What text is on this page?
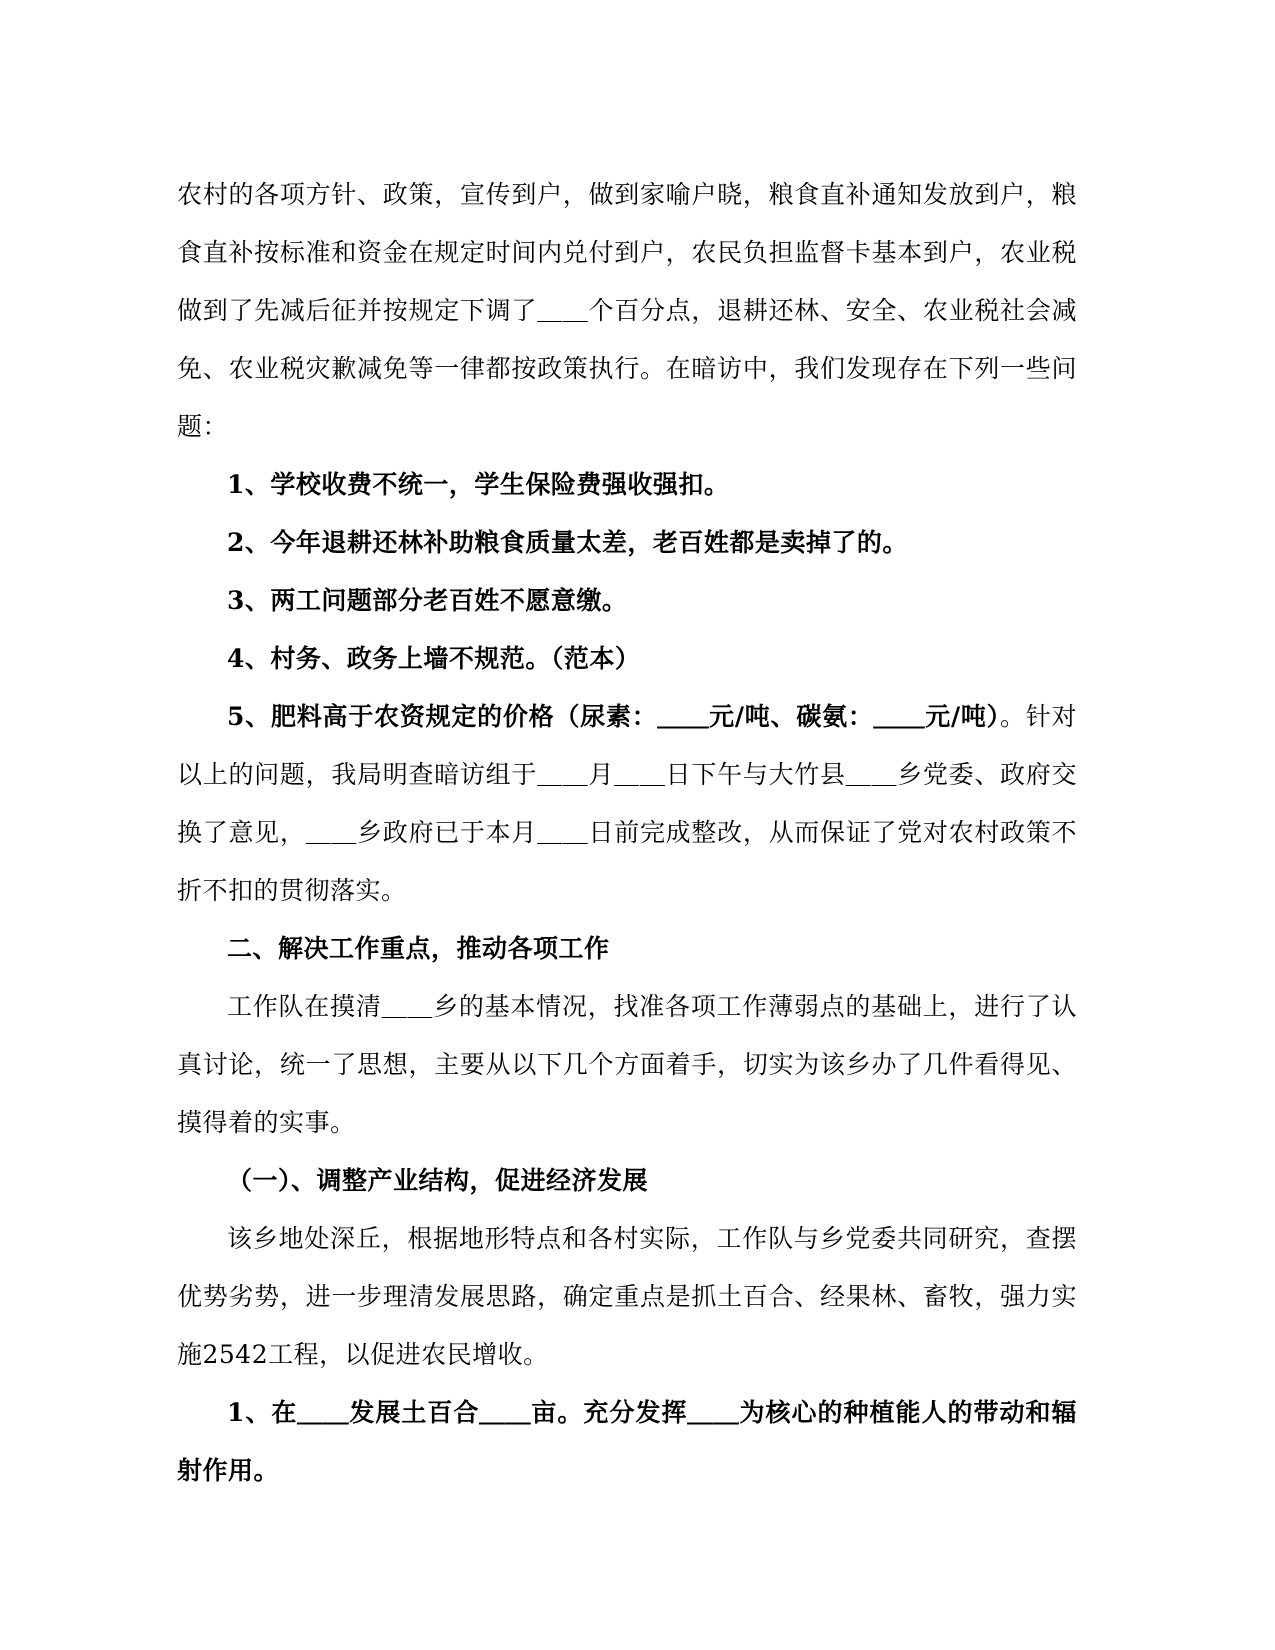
农村的各项方针、政策，宣传到户，做到家喻户晓，粮食直补通知发放到户，粮食直补按标准和资金在规定时间内兑付到户，农民负担监督卡基本到户，农业税做到了先减后征并按规定下调了＿＿个百分点，退耕还林、安全、农业税社会减免、农业税灾歉减免等一律都按政策执行。在暗访中，我们发现存在下列一些问题：

1、学校收费不统一，学生保险费强收强扣。

2、今年退耕还林补助粮食质量太差，老百姓都是卖掉了的。

3、两工问题部分老百姓不愿意缴。

4、村务、政务上墙不规范。（范本）

5、肥料高于农资规定的价格（尿素：＿＿元/吨、碳氨：＿＿元/吨）。针对以上的问题，我局明查暗访组于＿＿月＿＿日下午与大竹县＿＿乡党委、政府交换了意见，＿＿乡政府已于本月＿＿日前完成整改，从而保证了党对农村政策不折不扣的贯彻落实。

二、解决工作重点，推动各项工作

工作队在摸清＿＿乡的基本情况，找准各项工作薄弱点的基础上，进行了认真讨论，统一了思想，主要从以下几个方面着手，切实为该乡办了几件看得见、摸得着的实事。

（一）、调整产业结构，促进经济发展

该乡地处深丘，根据地形特点和各村实际，工作队与乡党委共同研究，查摆优势劣势，进一步理清发展思路，确定重点是抓土百合、经果林、畜牧，强力实施2542工程，以促进农民增收。

1、在＿＿发展土百合＿＿亩。充分发挥＿＿为核心的种植能人的带动和辐射作用。
